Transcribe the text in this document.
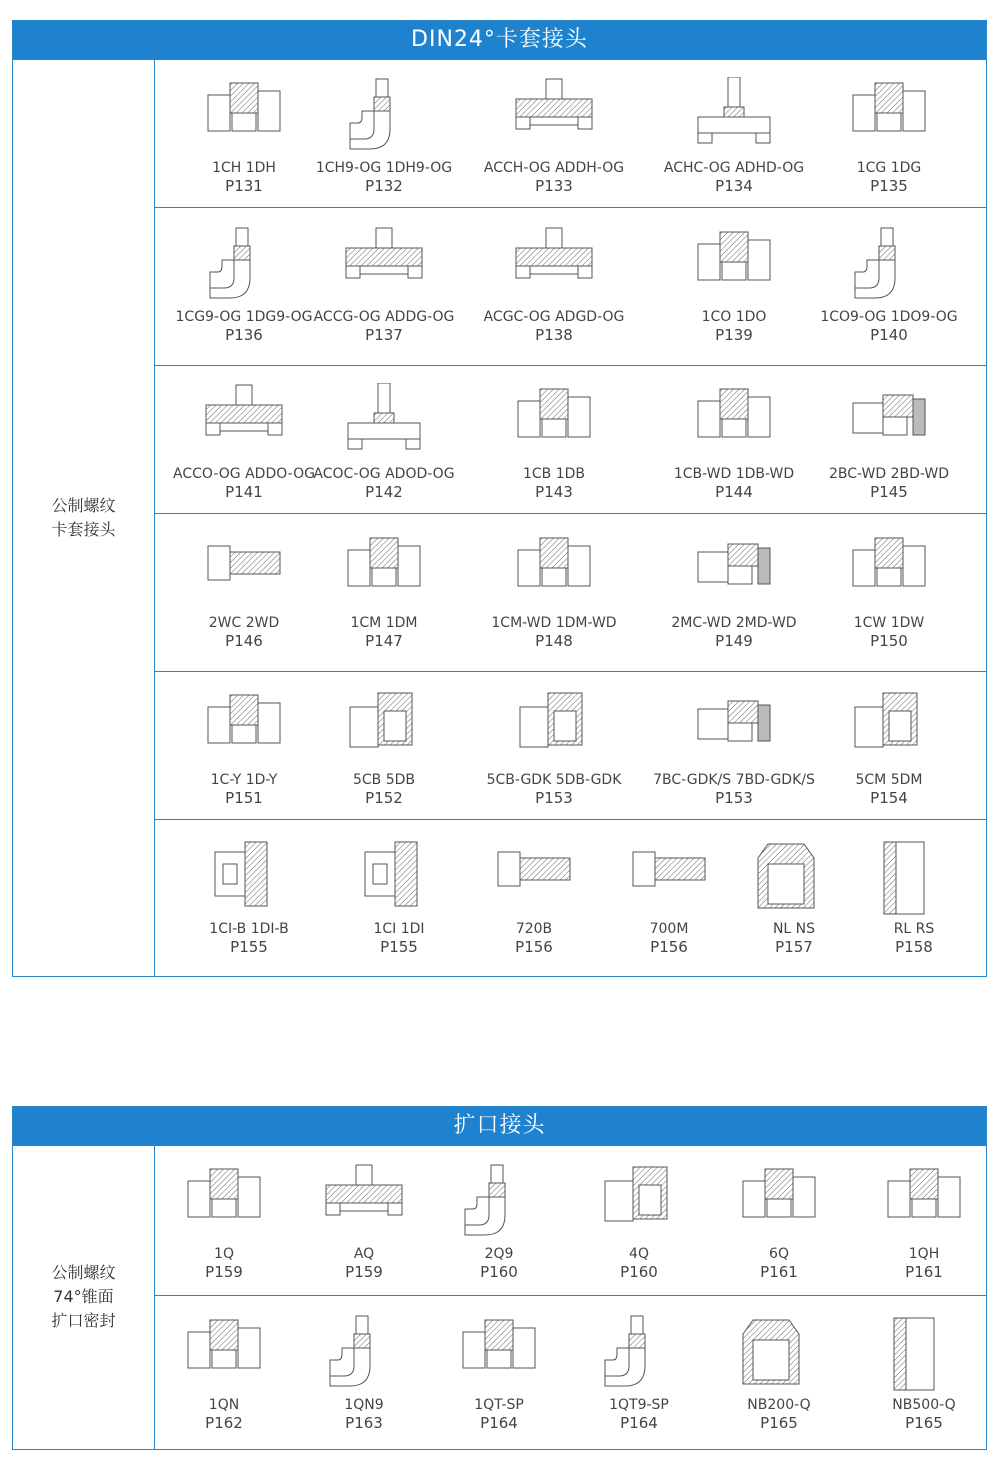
DIN24°卡套接头
公制螺纹
卡套接头
1CH 1DH
P131
1CH9-OG 1DH9-OG
P132
ACCH-OG ADDH-OG
P133
ACHC-OG ADHD-OG
P134
1CG 1DG
P135
1CG9-OG 1DG9-OG
P136
ACCG-OG ADDG-OG
P137
ACGC-OG ADGD-OG
P138
1CO 1DO
P139
1CO9-OG 1DO9-OG
P140
ACCO-OG ADDO-OG
P141
ACOC-OG ADOD-OG
P142
1CB 1DB
P143
1CB-WD 1DB-WD
P144
2BC-WD 2BD-WD
P145
2WC 2WD
P146
1CM 1DM
P147
1CM-WD 1DM-WD
P148
2MC-WD 2MD-WD
P149
1CW 1DW
P150
1C-Y 1D-Y
P151
5CB 5DB
P152
5CB-GDK 5DB-GDK
P153
7BC-GDK/S 7BD-GDK/S
P153
5CM 5DM
P154
1CI-B 1DI-B
P155
1CI 1DI
P155
720B
P156
700M
P156
NL NS
P157
RL RS
P158
扩口接头
公制螺纹
74°锥面
扩口密封
1Q
P159
AQ
P159
2Q9
P160
4Q
P160
6Q
P161
1QH
P161
1QN
P162
1QN9
P163
1QT-SP
P164
1QT9-SP
P164
NB200-Q
P165
NB500-Q
P165
